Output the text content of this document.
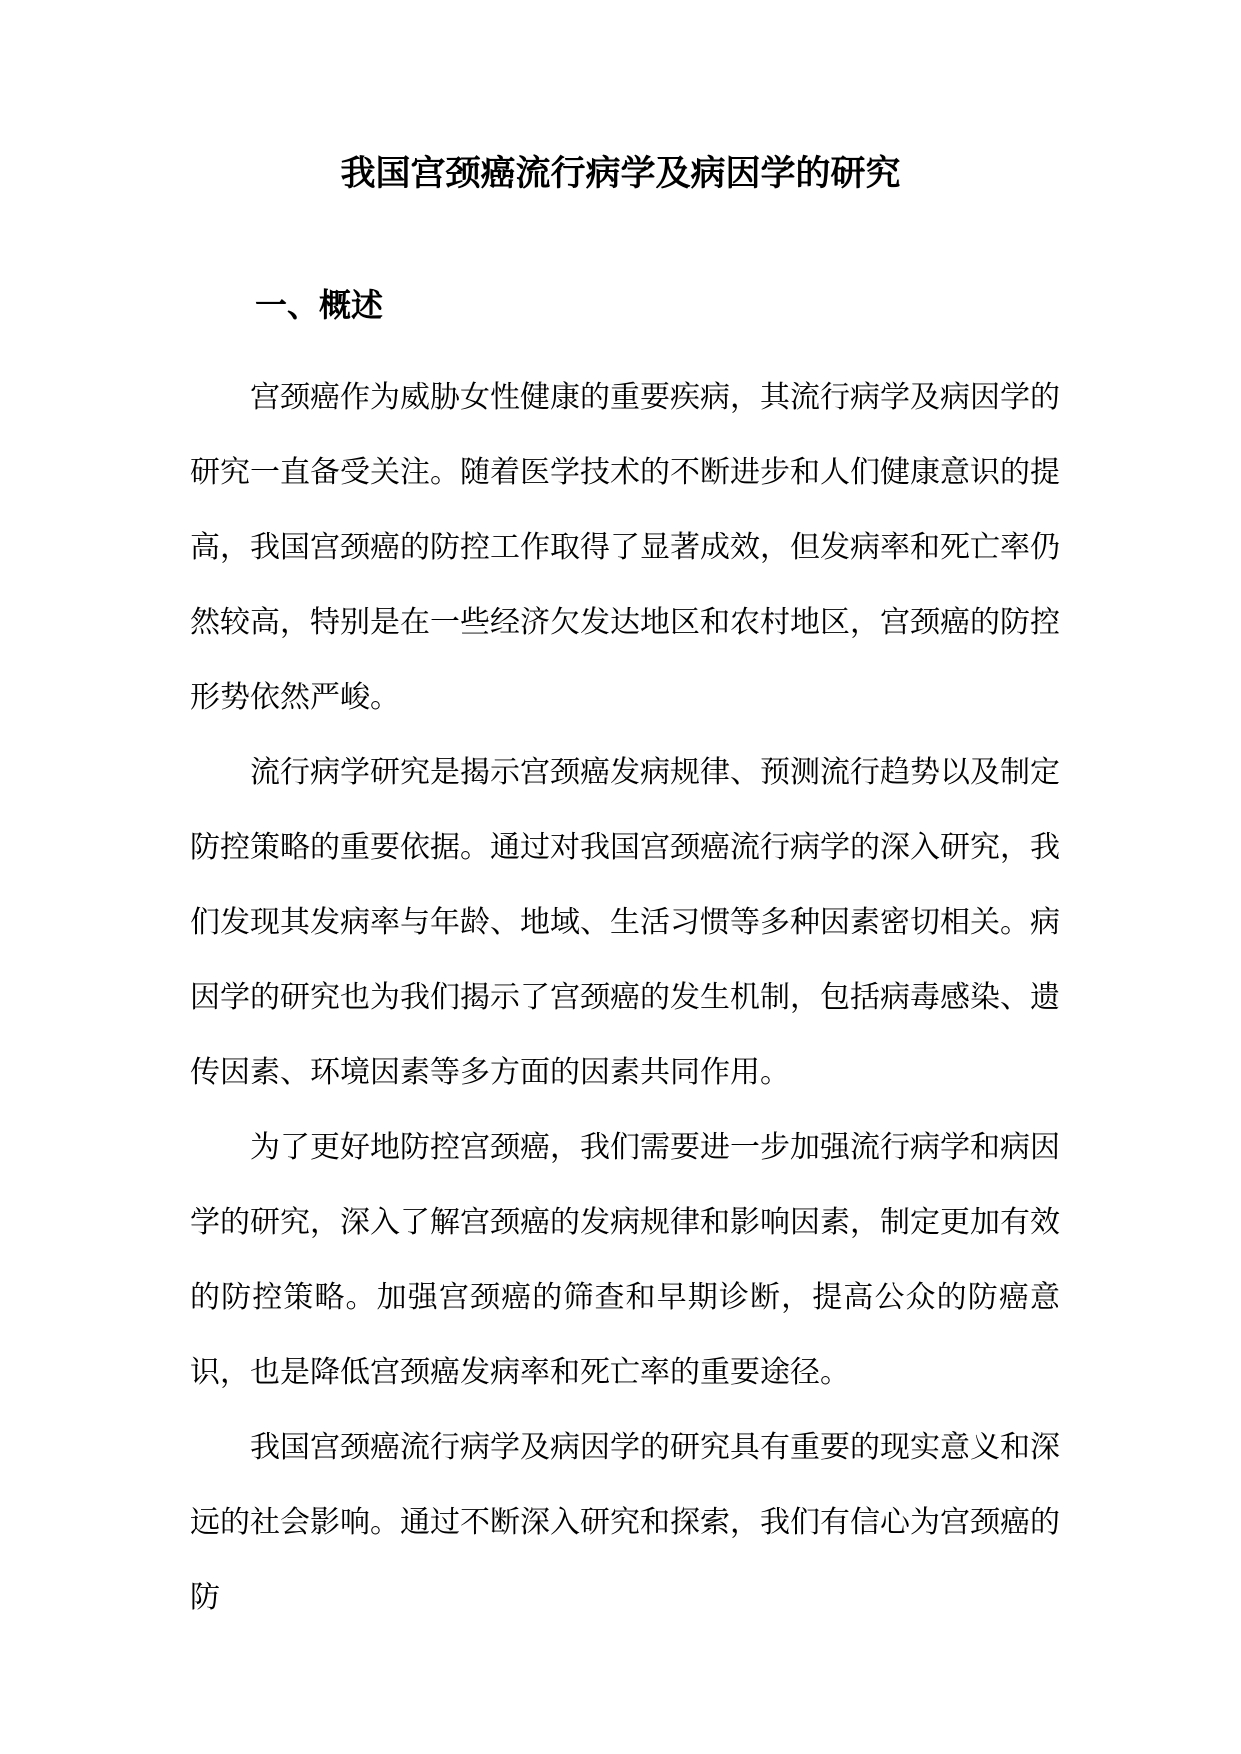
我国宫颈癌流行病学及病因学的研究
一、概述

宫颈癌作为威胁女性健康的重要疾病，其流行病学及病因学的研究一直备受关注。随着医学技术的不断进步和人们健康意识的提高，我国宫颈癌的防控工作取得了显著成效，但发病率和死亡率仍然较高，特别是在一些经济欠发达地区和农村地区，宫颈癌的防控形势依然严峻。

流行病学研究是揭示宫颈癌发病规律、预测流行趋势以及制定防控策略的重要依据。通过对我国宫颈癌流行病学的深入研究，我们发现其发病率与年龄、地域、生活习惯等多种因素密切相关。病因学的研究也为我们揭示了宫颈癌的发生机制，包括病毒感染、遗传因素、环境因素等多方面的因素共同作用。

为了更好地防控宫颈癌，我们需要进一步加强流行病学和病因学的研究，深入了解宫颈癌的发病规律和影响因素，制定更加有效的防控策略。加强宫颈癌的筛查和早期诊断，提高公众的防癌意识，也是降低宫颈癌发病率和死亡率的重要途径。

我国宫颈癌流行病学及病因学的研究具有重要的现实意义和深远的社会影响。通过不断深入研究和探索，我们有信心为宫颈癌的防
